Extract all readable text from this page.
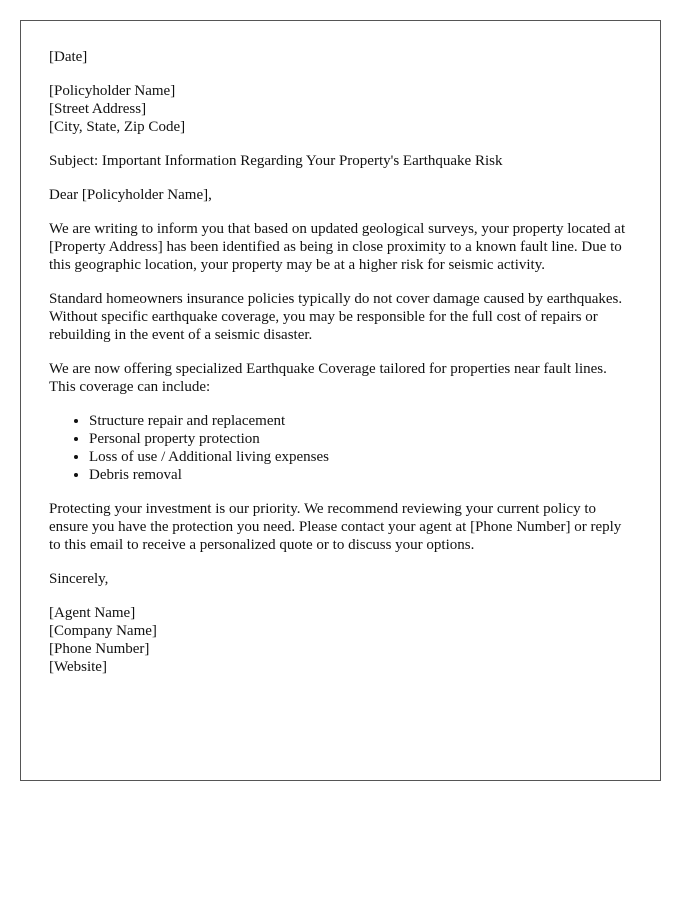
[Date]

[Policyholder Name]
[Street Address]
[City, State, Zip Code]

Subject: Important Information Regarding Your Property's Earthquake Risk

Dear [Policyholder Name],

We are writing to inform you that based on updated geological surveys, your property located at [Property Address] has been identified as being in close proximity to a known fault line. Due to this geographic location, your property may be at a higher risk for seismic activity.

Standard homeowners insurance policies typically do not cover damage caused by earthquakes. Without specific earthquake coverage, you may be responsible for the full cost of repairs or rebuilding in the event of a seismic disaster.

We are now offering specialized Earthquake Coverage tailored for properties near fault lines. This coverage can include:

• Structure repair and replacement
• Personal property protection
• Loss of use / Additional living expenses
• Debris removal

Protecting your investment is our priority. We recommend reviewing your current policy to ensure you have the protection you need. Please contact your agent at [Phone Number] or reply to this email to receive a personalized quote or to discuss your options.

Sincerely,

[Agent Name]
[Company Name]
[Phone Number]
[Website]
